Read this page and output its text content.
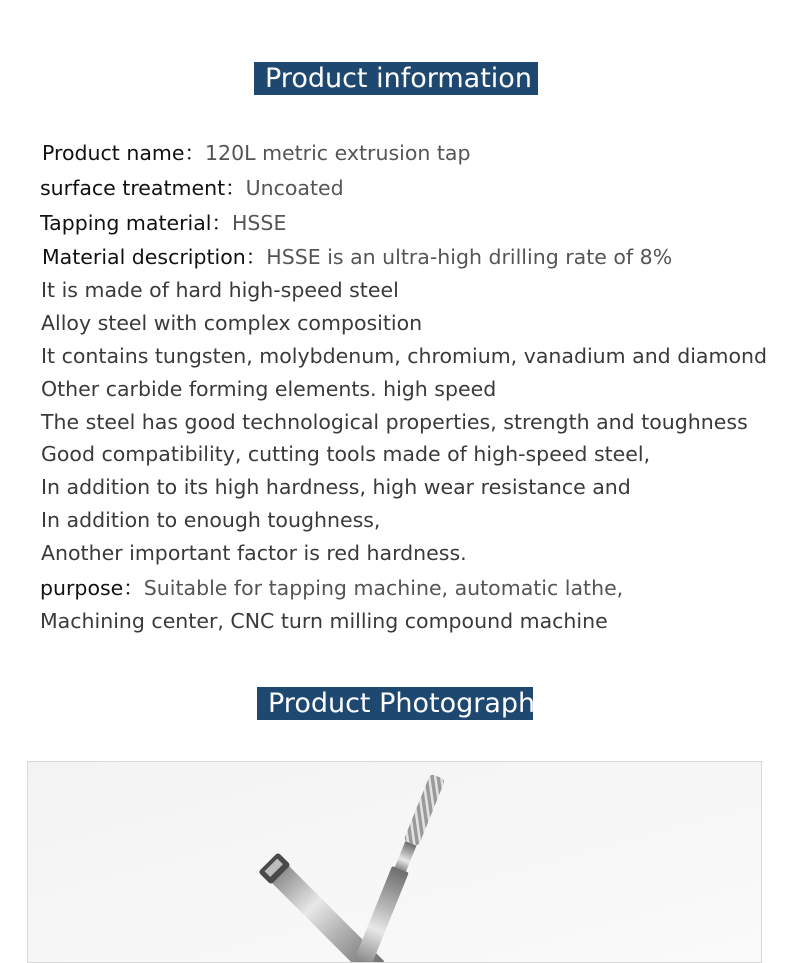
Product information
Product name：120L metric extrusion tap
surface treatment：Uncoated
Tapping material：HSSE
Material description：HSSE is an ultra-high drilling rate of 8%
It is made of hard high-speed steel
Alloy steel with complex composition
It contains tungsten, molybdenum, chromium, vanadium and diamond
Other carbide forming elements. high speed
The steel has good technological properties, strength and toughness
Good compatibility, cutting tools made of high-speed steel,
In addition to its high hardness, high wear resistance and
In addition to enough toughness,
Another important factor is red hardness.
purpose：Suitable for tapping machine, automatic lathe,
Machining center, CNC turn milling compound machine
Product Photograph
